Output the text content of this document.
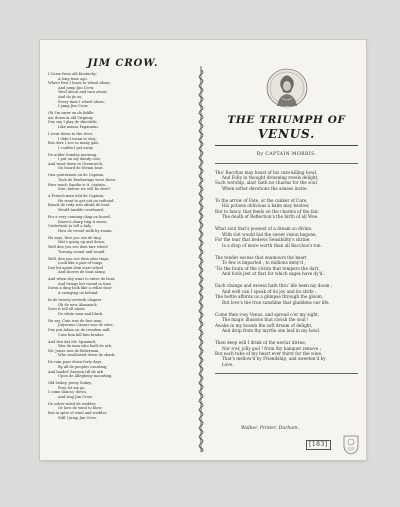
JIM CROW.
I Came from old Kentucky;
A long time ago,
Where first I learn to wheel about,
And jump Jim Crow.
Weel about and turn about,
And do jis so;
Every time I wheel about,
I jump Jim Crow.
Oh I'm rarer on de fiddle,
An' down in old Virginny
Dey say I play de skientific,
Like massa Pagannini.
I went down to the river,
I didn't mean to stay;
But dere I see so many gals,
I couldn't get away.
De udder Sunday morning,
I put on my dandy coat,
And went down to Greenwich,
On board de Steam boat.
Oen gentermen on de Captain,
Took de Eneberings were there,
How much Sandie is it, captain,
Sire, before we will be dere?
A French-man told de Captain,
He want to get out on railroad,
Knock de rudy was afraid de boat
Would tumble overboard.
For a very cunning chap on board,
Know'n sharp ting it seem;
Undertook to tell a lady
How de vessel walk by steam.
He says, first you see de ting
Wat's going up and down;
Well den you see dem tarr wheel
Turning round and round.
Well, den you see dem odar tings,
Look like a pair of tongs,
Dey bit again dem starr wheel
And shoves de boat along.
And when dey want to enter de boat,
And brings her round in time
Dawn a ding look like a cellar door
A swinging on behind.
In de twenty-seventh chapter
Ob de new Almanack,
Does it tell all about
De white man and black.
He say, Cain was de fust man,
Julyornus Caesar was de oder;
Dey put Adam on de treadem mill,
Case him kill him brudar.
And den dat Mr. Spaniard,
Was de man who built de ark,
Mr. Jonas was de fisherman,
Who swallowed down de shark.
De rain pour down forty days,
By all de peoples counting;
And landed Samson till de ark
Upon de Allegheny mounting.
Old Sukey, pussy Sukey,
Pray let me go;
I come dancin' down,
And sing Jim Crow.
De sober ruled de wedder,
Or how de wind to blow;
But in spite of wind and wedder,
Still I jump Jim Crow.
THE TRIUMPH OF
VENUS.
By CAPTAIN MORRIS.
Tho' Bacchus may boast of his care-killing bowl,
And Folly in thought drowning revels delight,
Such worship, alas! hath no charms for the soul,
When softer devotions the senses invite.
To the arrow of Fate, or the canker of Care,
His potions oblivious a balm may bestow,
But to fancy, that feeds on the charms of the fair,
The death of Reflection's the birth of all Woe.
What soul that's possest of a dream so divine,
With riot would bid the sweet vision begone,
For the tear that bedews Sensibility's shrine,
Is a drop of more worth than all Bacchus's tun.
The tender excess that enamours the heart
To few is imparted ; to millions deny'd ;
'Tis the brain of the victim that tempers the dart,
And fools jest at that for which sages have dy'd.
Each change and excess hath thro' life been my doom ;
And well can I speak of its joy and its strife ;
The bottle affords us a glimpse through the gloom,
But love's the true sunshine that gladdens our life.
Come then rosy Venus, and spread o'er my sight,
The magic illusions that ravish the soul !
Awake in my bosom the soft dream of delight,
And drop from thy myrtle one leaf in my bowl.
Then deep will I drink of the nectar divine,
Nor e'er, jolly god ! from thy banquet remove ;
But each tube of my heart ever thirst for the wine,
That's mellow'd by Friendship, and sweeten'd by
Love.
Walker, Printer, Durham.
[183]
